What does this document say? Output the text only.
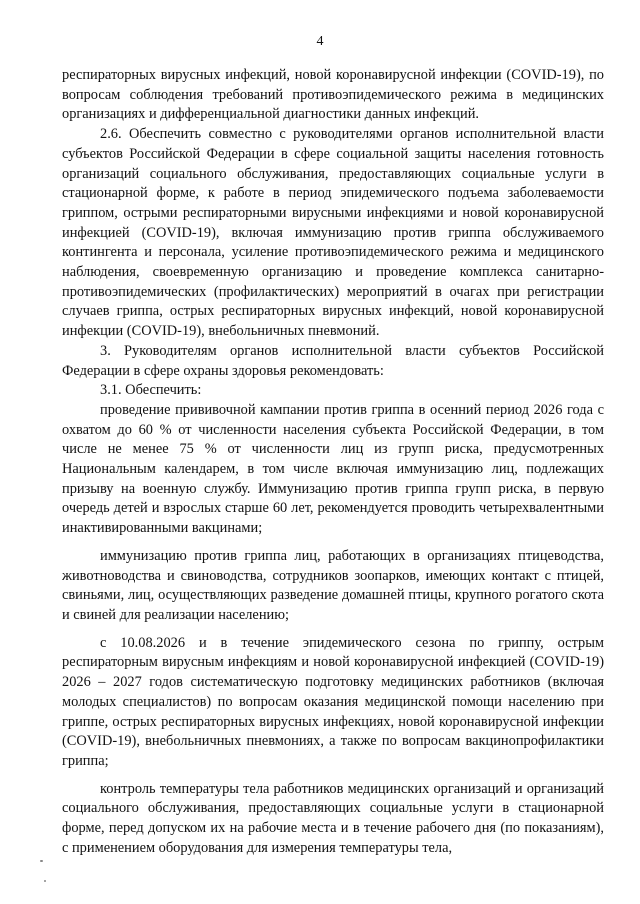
4

респираторных вирусных инфекций, новой коронавирусной инфекции (COVID-19), по вопросам соблюдения требований противоэпидемического режима в медицинских организациях и дифференциальной диагностики данных инфекций.

2.6. Обеспечить совместно с руководителями органов исполнительной власти субъектов Российской Федерации в сфере социальной защиты населения готовность организаций социального обслуживания, предоставляющих социальные услуги в стационарной форме, к работе в период эпидемического подъема заболеваемости гриппом, острыми респираторными вирусными инфекциями и новой коронавирусной инфекцией (COVID-19), включая иммунизацию против гриппа обслуживаемого контингента и персонала, усиление противоэпидемического режима и медицинского наблюдения, своевременную организацию и проведение комплекса санитарно-противоэпидемических (профилактических) мероприятий в очагах при регистрации случаев гриппа, острых респираторных вирусных инфекций, новой коронавирусной инфекции (COVID-19), внебольничных пневмоний.

3. Руководителям органов исполнительной власти субъектов Российской Федерации в сфере охраны здоровья рекомендовать:

3.1. Обеспечить:

проведение прививочной кампании против гриппа в осенний период 2026 года с охватом до 60 % от численности населения субъекта Российской Федерации, в том числе не менее 75 % от численности лиц из групп риска, предусмотренных Национальным календарем, в том числе включая иммунизацию лиц, подлежащих призыву на военную службу. Иммунизацию против гриппа групп риска, в первую очередь детей и взрослых старше 60 лет, рекомендуется проводить четырехвалентными инактивированными вакцинами;

иммунизацию против гриппа лиц, работающих в организациях птицеводства, животноводства и свиноводства, сотрудников зоопарков, имеющих контакт с птицей, свиньями, лиц, осуществляющих разведение домашней птицы, крупного рогатого скота и свиней для реализации населению;

с 10.08.2026 и в течение эпидемического сезона по гриппу, острым респираторным вирусным инфекциям и новой коронавирусной инфекцией (COVID-19) 2026 – 2027 годов систематическую подготовку медицинских работников (включая молодых специалистов) по вопросам оказания медицинской помощи населению при гриппе, острых респираторных вирусных инфекциях, новой коронавирусной инфекции (COVID-19), внебольничных пневмониях, а также по вопросам вакцинопрофилактики гриппа;

контроль температуры тела работников медицинских организаций и организаций социального обслуживания, предоставляющих социальные услуги в стационарной форме, перед допуском их на рабочие места и в течение рабочего дня (по показаниям), с применением оборудования для измерения температуры тела,
